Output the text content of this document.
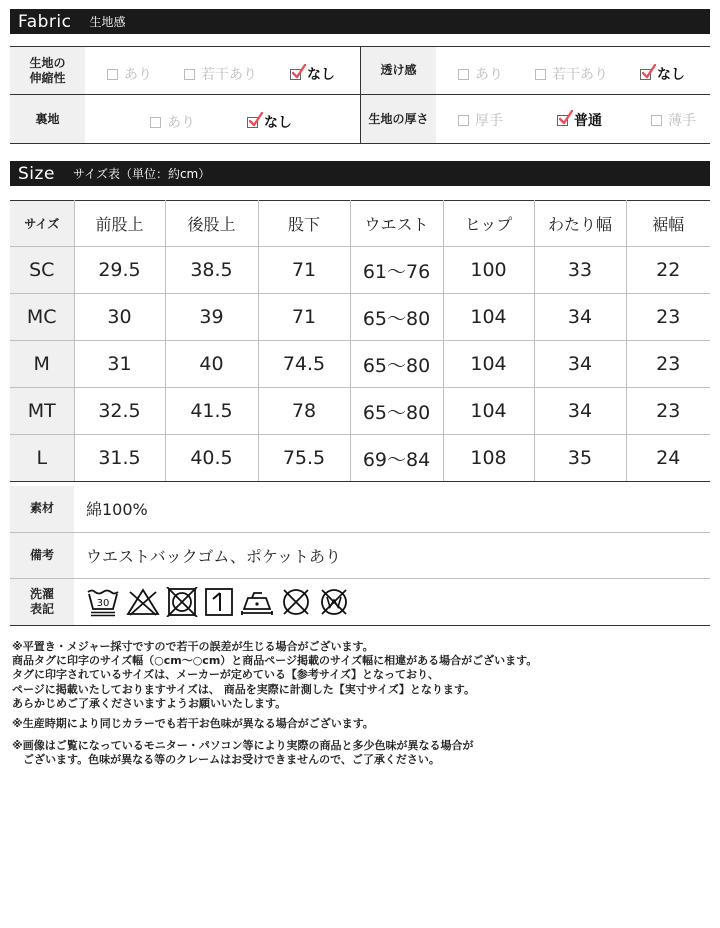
Fabric 生地感
生地の
伸縮性	あり	若干あり	なし	透け感	あり	若干あり	なし
裏地	あり	なし	生地の厚さ	厚手	普通	薄手
Size サイズ表（単位：約cm）
サイズ	前股上	後股上	股下	ウエスト	ヒップ	わたり幅	裾幅
SC	29.5	38.5	71	61〜76	100	33	22
MC	30	39	71	65〜80	104	34	23
M	31	40	74.5	65〜80	104	34	23
MT	32.5	41.5	78	65〜80	104	34	23
L	31.5	40.5	75.5	69〜84	108	35	24
素材	綿100%
備考	ウエストバックゴム、ポケットあり
洗濯
表記	30
※平置き・メジャー採寸ですので若干の誤差が生じる場合がございます。
商品タグに印字のサイズ幅（○cm〜○cm）と商品ページ掲載のサイズ幅に相違がある場合がございます。
タグに印字されているサイズは、メーカーが定めている【参考サイズ】となっており、
ページに掲載いたしておりますサイズは、 商品を実際に計測した【実寸サイズ】となります。
あらかじめご了承くださいますようお願いいたします。
※生産時期により同じカラーでも若干お色味が異なる場合がございます。
※画像はご覧になっているモニター・パソコン等により実際の商品と多少色味が異なる場合が
　ございます。色味が異なる等のクレームはお受けできませんので、ご了承ください。
